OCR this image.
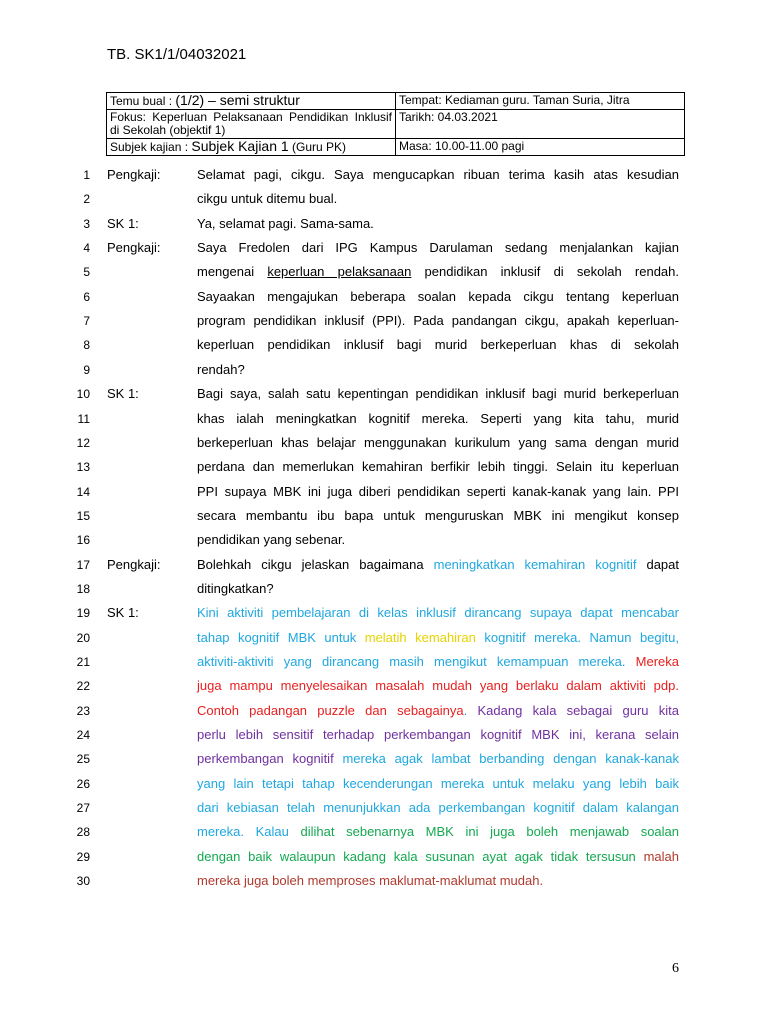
TB. SK1/1/04032021
Temu bual : (1/2) – semi struktur	Tempat: Kediaman guru. Taman Suria, Jitra
Fokus: Keperluan Pelaksanaan Pendidikan Inklusif di Sekolah (objektif 1)	Tarikh: 04.03.2021
Subjek kajian : Subjek Kajian 1 (Guru PK)	Masa: 10.00-11.00 pagi
1 Pengkaji:	Selamat pagi, cikgu. Saya mengucapkan ribuan terima kasih atas kesudian
2	cikgu untuk ditemu bual.
3 SK 1:	Ya, selamat pagi. Sama-sama.
4 Pengkaji:	Saya Fredolen dari IPG Kampus Darulaman sedang menjalankan kajian
5	mengenai keperluan pelaksanaan pendidikan inklusif di sekolah rendah.
6	Sayaakan mengajukan beberapa soalan kepada cikgu tentang keperluan
7	program pendidikan inklusif (PPI). Pada pandangan cikgu, apakah keperluan-
8	keperluan pendidikan inklusif bagi murid berkeperluan khas di sekolah
9	rendah?
10 SK 1:	Bagi saya, salah satu kepentingan pendidikan inklusif bagi murid berkeperluan
11	khas ialah meningkatkan kognitif mereka. Seperti yang kita tahu, murid
12	berkeperluan khas belajar menggunakan kurikulum yang sama dengan murid
13	perdana dan memerlukan kemahiran berfikir lebih tinggi. Selain itu keperluan
14	PPI supaya MBK ini juga diberi pendidikan seperti kanak-kanak yang lain. PPI
15	secara membantu ibu bapa untuk menguruskan MBK ini mengikut konsep
16	pendidikan yang sebenar.
17 Pengkaji:	Bolehkah cikgu jelaskan bagaimana meningkatkan kemahiran kognitif dapat
18	ditingkatkan?
19 SK 1:	Kini aktiviti pembelajaran di kelas inklusif dirancang supaya dapat mencabar
20	tahap kognitif MBK untuk melatih kemahiran kognitif mereka. Namun begitu,
21	aktiviti-aktiviti yang dirancang masih mengikut kemampuan mereka. Mereka
22	juga mampu menyelesaikan masalah mudah yang berlaku dalam aktiviti pdp.
23	Contoh padangan puzzle dan sebagainya. Kadang kala sebagai guru kita
24	perlu lebih sensitif terhadap perkembangan kognitif MBK ini, kerana selain
25	perkembangan kognitif mereka agak lambat berbanding dengan kanak-kanak
26	yang lain tetapi tahap kecenderungan mereka untuk melaku yang lebih baik
27	dari kebiasan telah menunjukkan ada perkembangan kognitif dalam kalangan
28	mereka. Kalau dilihat sebenarnya MBK ini juga boleh menjawab soalan
29	dengan baik walaupun kadang kala susunan ayat agak tidak tersusun malah
30	mereka juga boleh memproses maklumat-maklumat mudah.
6
